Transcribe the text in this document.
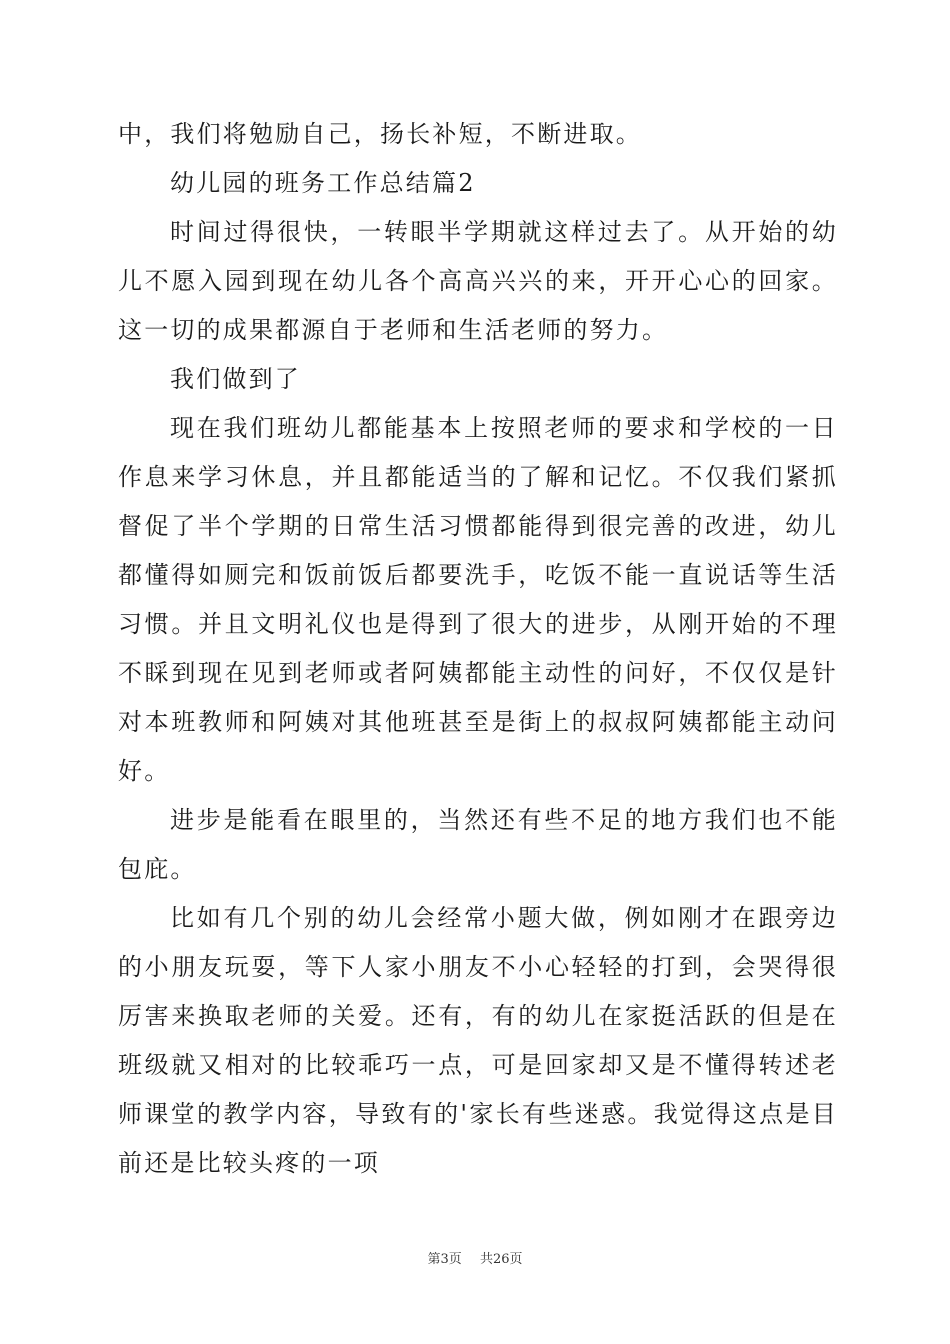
中，我们将勉励自己，扬长补短，不断进取。

幼儿园的班务工作总结篇2

时间过得很快，一转眼半学期就这样过去了。从开始的幼儿不愿入园到现在幼儿各个高高兴兴的来，开开心心的回家。这一切的成果都源自于老师和生活老师的努力。

我们做到了

现在我们班幼儿都能基本上按照老师的要求和学校的一日作息来学习休息，并且都能适当的了解和记忆。不仅我们紧抓督促了半个学期的日常生活习惯都能得到很完善的改进，幼儿都懂得如厕完和饭前饭后都要洗手，吃饭不能一直说话等生活习惯。并且文明礼仪也是得到了很大的进步，从刚开始的不理不睬到现在见到老师或者阿姨都能主动性的问好，不仅仅是针对本班教师和阿姨对其他班甚至是街上的叔叔阿姨都能主动问好。

进步是能看在眼里的，当然还有些不足的地方我们也不能包庇。

比如有几个别的幼儿会经常小题大做，例如刚才在跟旁边的小朋友玩耍，等下人家小朋友不小心轻轻的打到，会哭得很厉害来换取老师的关爱。还有，有的幼儿在家挺活跃的但是在班级就又相对的比较乖巧一点，可是回家却又是不懂得转述老师课堂的教学内容，导致有的'家长有些迷惑。我觉得这点是目前还是比较头疼的一项

第3页 共26页
